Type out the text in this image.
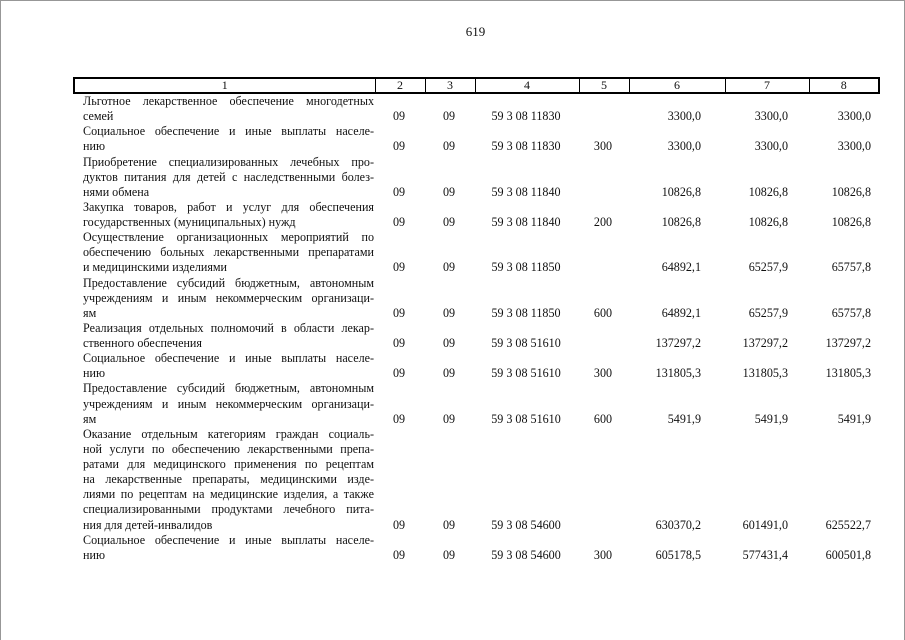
619
1	2	3	4	5	6	7	8
Льготное лекарственное обеспечение многодетных
семей	09	09	59 3 08 11830		3300,0	3300,0	3300,0

Социальное обеспечение и иные выплаты населе-
нию	09	09	59 3 08 11830	300	3300,0	3300,0	3300,0

Приобретение специализированных лечебных про-
дуктов питания для детей с наследственными болез-
нями обмена	09	09	59 3 08 11840		10826,8	10826,8	10826,8

Закупка товаров, работ и услуг для обеспечения
государственных (муниципальных) нужд	09	09	59 3 08 11840	200	10826,8	10826,8	10826,8

Осуществление организационных мероприятий по
обеспечению больных лекарственными препаратами
и медицинскими изделиями	09	09	59 3 08 11850		64892,1	65257,9	65757,8

Предоставление субсидий бюджетным, автономным
учреждениям и иным некоммерческим организаци-
ям	09	09	59 3 08 11850	600	64892,1	65257,9	65757,8

Реализация отдельных полномочий в области лекар-
ственного обеспечения	09	09	59 3 08 51610		137297,2	137297,2	137297,2

Социальное обеспечение и иные выплаты населе-
нию	09	09	59 3 08 51610	300	131805,3	131805,3	131805,3

Предоставление субсидий бюджетным, автономным
учреждениям и иным некоммерческим организаци-
ям	09	09	59 3 08 51610	600	5491,9	5491,9	5491,9

Оказание отдельным категориям граждан социаль-
ной услуги по обеспечению лекарственными препа-
ратами для медицинского применения по рецептам
на лекарственные препараты, медицинскими изде-
лиями по рецептам на медицинские изделия, а также
специализированными продуктами лечебного пита-
ния для детей-инвалидов	09	09	59 3 08 54600		630370,2	601491,0	625522,7

Социальное обеспечение и иные выплаты населе-
нию	09	09	59 3 08 54600	300	605178,5	577431,4	600501,8
